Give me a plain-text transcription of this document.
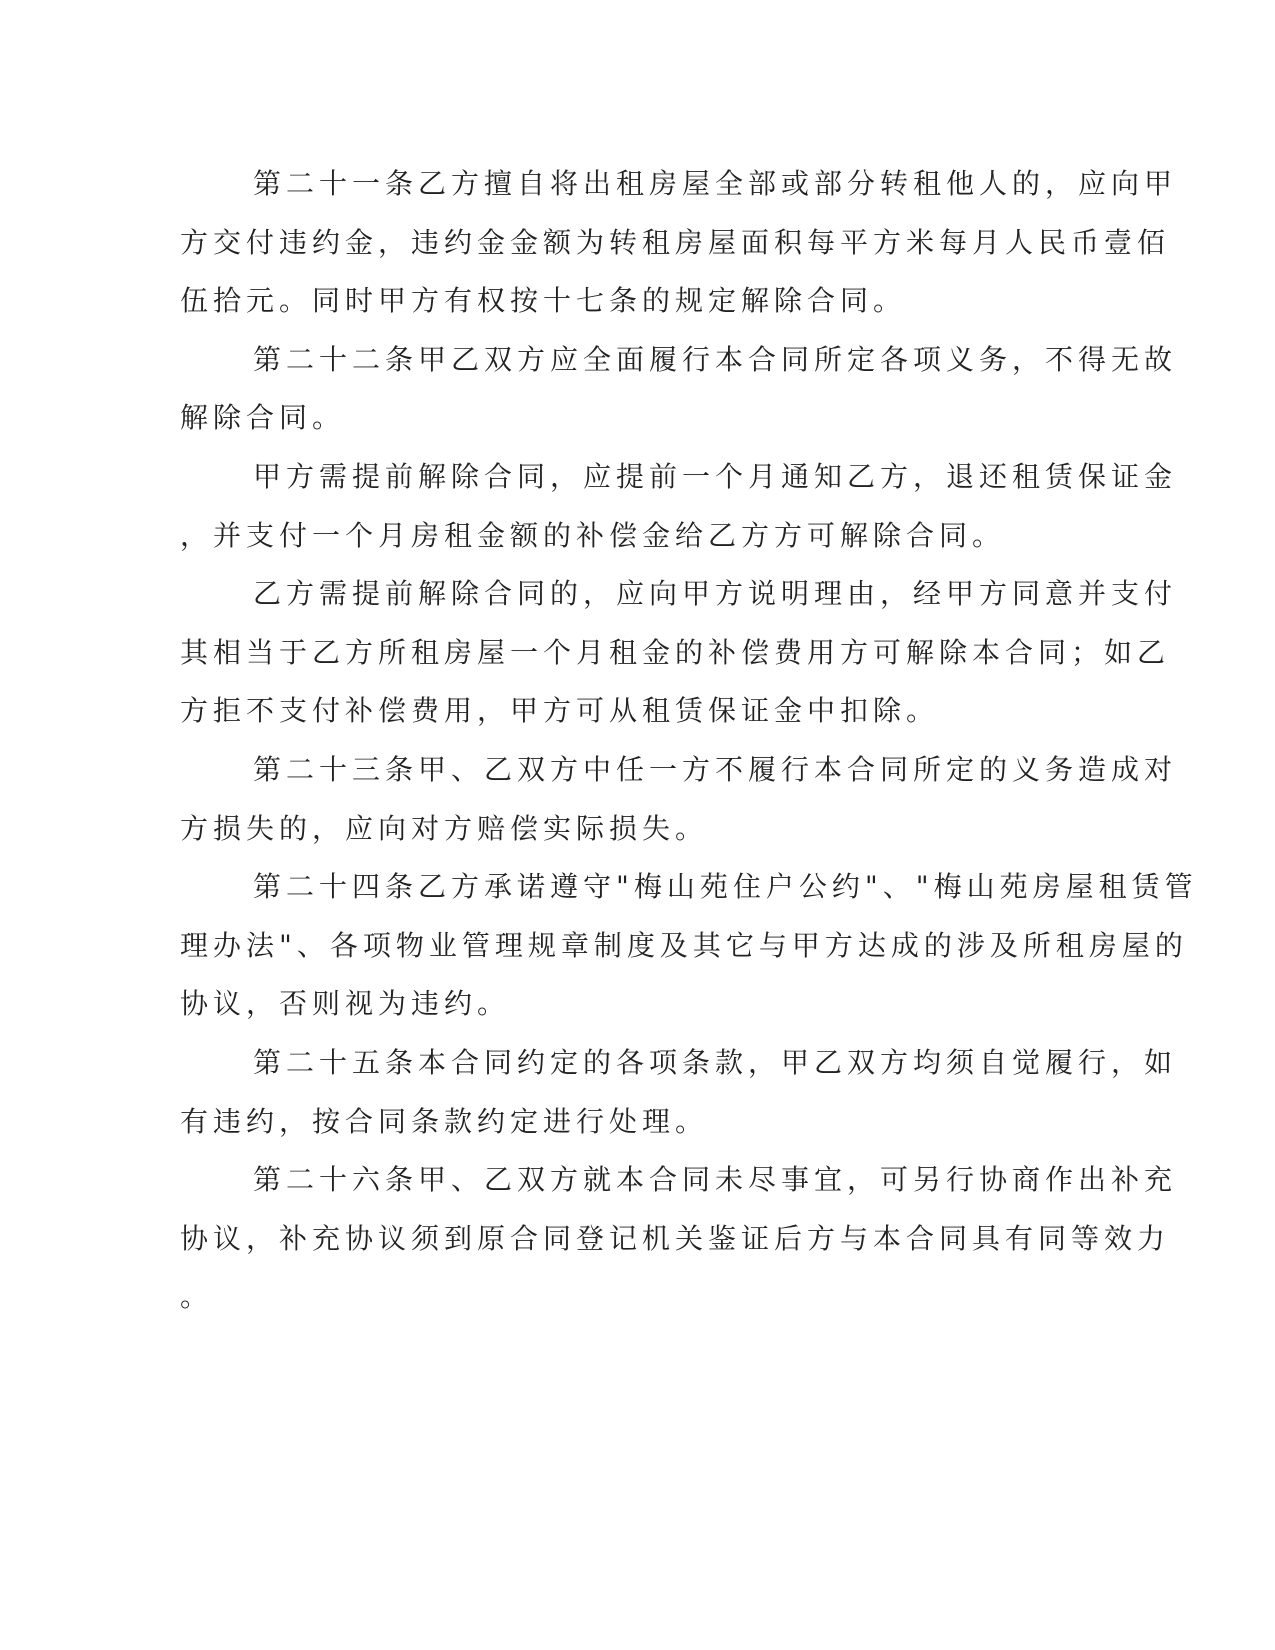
第二十一条乙方擅自将出租房屋全部或部分转租他人的，应向甲
方交付违约金，违约金金额为转租房屋面积每平方米每月人民币壹佰
伍拾元。同时甲方有权按十七条的规定解除合同。
第二十二条甲乙双方应全面履行本合同所定各项义务，不得无故
解除合同。
甲方需提前解除合同，应提前一个月通知乙方，退还租赁保证金
，并支付一个月房租金额的补偿金给乙方方可解除合同。
乙方需提前解除合同的，应向甲方说明理由，经甲方同意并支付
其相当于乙方所租房屋一个月租金的补偿费用方可解除本合同；如乙
方拒不支付补偿费用，甲方可从租赁保证金中扣除。
第二十三条甲、乙双方中任一方不履行本合同所定的义务造成对
方损失的，应向对方赔偿实际损失。
第二十四条乙方承诺遵守"梅山苑住户公约"、"梅山苑房屋租赁管
理办法"、各项物业管理规章制度及其它与甲方达成的涉及所租房屋的
协议，否则视为违约。
第二十五条本合同约定的各项条款，甲乙双方均须自觉履行，如
有违约，按合同条款约定进行处理。
第二十六条甲、乙双方就本合同未尽事宜，可另行协商作出补充
协议，补充协议须到原合同登记机关鉴证后方与本合同具有同等效力
。
